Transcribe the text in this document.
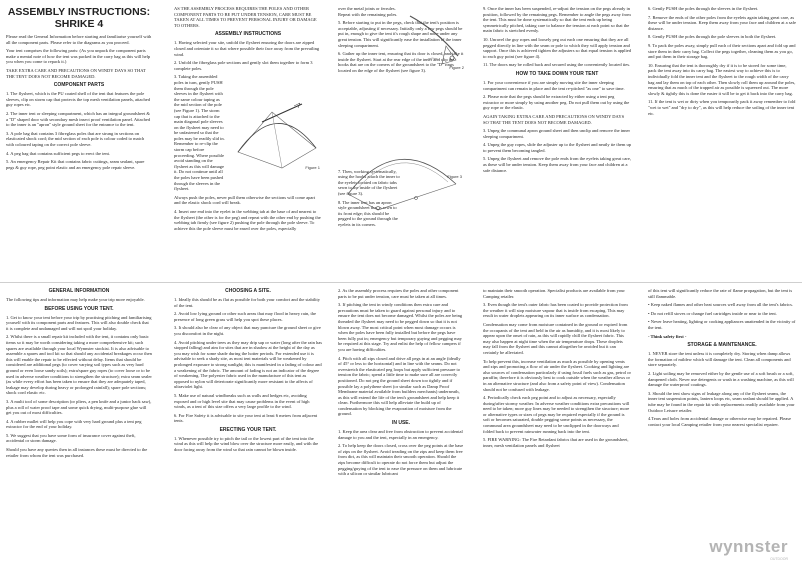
ASSEMBLY INSTRUCTIONS:
SHRIKE 4

Please read the General Information before starting and familiarise yourself with all the component parts. Please refer to the diagrams as you proceed.

Your tent comprises the following parts: (As you unpack the component parts make a mental note of how the tent was packed in the carry bag as this will help you when you come to repack it.)

TAKE EXTRA CARE AND PRECAUTIONS ON WINDY DAYS SO THAT THE TENT DOES NOT BECOME DAMAGED.

COMPONENT PARTS

1. The flysheet, which is the PU coated shell of the tent that features the pole sleeves, clip on storm cap that protects the top mesh ventilation panels, attached guy ropes etc.

2. The inner tent or sleeping compartment, which has an integral groundsheet & a "D" shaped door with secondary mesh insect proof ventilation panel. Attached to the inner is an "apron" style ground sheet for the entrance to the tent.

3. A pole bag that contains 3 fibreglass poles that are strung in sections on elasticated shock cord; the mid section of each pole is colour coded to match with coloured taping on the correct pole sleeve.

4. A peg bag that contains sufficient pegs to erect the tent.

5. An emergency Repair Kit that contains fabric cuttings, seam sealant, spare pegs & guy rope, peg point elastic and an emergency pole repair sleeve.

AS THE ASSEMBLY PROCESS REQUIRES THE POLES AND OTHER COMPONENT PARTS TO BE PUT UNDER TENSION, CARE MUST BE TAKEN AT ALL TIMES TO PREVENT PERSONAL INJURY OR DAMAGE TO OTHERS.

ASSEMBLY INSTRUCTIONS

1. Having selected your site, unfold the flysheet ensuring the doors are zipped closed and orientate it so that where possible their face away from the prevailing wind.

2. Unfold the fibreglass pole sections and gently slot them together to form 3 complete poles.

3. Taking the assembled poles in turn, gently PUSH them through the pole sleeves in the flysheet with the same colour taping as the mid section of the pole (see Figure 1). The storm cap that is attached to the main diagonal pole sleeves on the flysheet may need to be unfastened so that the poles may be readily slid in. Remember to re-clip the storm cap before proceeding. Where possible avoid standing on the flysheet as this will damage it. Do not continue until all the poles have been pushed through the sleeves in the flysheet.

Always push the poles, never pull them otherwise the sections will come apart and the elastic shock cord will break.

4. Insert one end into the eyelet in the webbing tab at the base of and nearest to the flysheet (the other is for the peg) and repeat with the other end by pushing the webbing tab firmly (see figure 2) pushing the pole through the pole sleeve. To achieve this the pole sleeve must be eased over the poles, especially

Figure 1

over the metal joints or ferrules. Repeat with the remaining poles.

5. Before starting to put in the pegs, check that the tent's position is acceptable, adjusting if necessary. Initially only a few pegs should be put in, enough to give the tent it's rough shape and none under any great tension. This will significantly ease the installation of the inner sleeping compartment.

6. Gather up the inner tent, ensuring that its door is closed, and take it inside the flysheet. Start at the rear edge of the inner and clip the hooks that are on the corners of the groundsheet to the "D" rings located on the edge of the flysheet (see figure 3).

7. Then, working systematically, using the hooks attach the inner to the eyelets located on fabric tabs sewn to the inside of the flysheet (see figure 3).

8. The inner tent has an apron style groundsheet that is sewn to its front edge; this should be pegged to the ground through the eyelets in its corners.

Figure 2
Figure 3

9. Once the inner has been suspended, re-adjust the tension on the pegs already in position, followed by the remaining pegs. Remember to angle the pegs away from the tent. This must be done systematically so that the tent ends up being symmetrically pitched, taking care to balance the tension at each point so that the main fabric is stretched evenly.

10. Unravel the guy ropes and loosely peg out each one ensuring that they are all pegged directly in line with the seam or pole to which they will apply tension and support. Once this is achieved tighten the adjusters so that equal tension is applied to each guy point (see figure 4).

11. The doors may be rolled back and secured using the conveniently located ties.

HOW TO TAKE DOWN YOUR TENT

1. For your convenience if you are simply moving site the inner sleeping compartment can remain in place and the tent re-pitched "as one" to save time.

2. Please note that the pegs should be extracted by either using a tent peg extractor or more simply by using another peg. Do not pull them out by using the guy rope or the elastic.

AGAIN TAKING EXTRA CARE AND PRECAUTIONS ON WINDY DAYS SO THAT THE TENT DOES NOT BECOME DAMAGED.

3. Unpeg the communal apron ground sheet and then unclip and remove the inner sleeping compartment.

4. Unpeg the guy ropes, slide the adjuster up to the flysheet and neatly tie them up to prevent them becoming tangled.

5. Unpeg the flysheet and remove the pole ends from the eyelets taking great care, as these will be under tension. Keep them away from your face and children at a safe distance.

6. Gently PUSH the poles through the sleeves in the flysheet.

7. Remove the ends of the other poles from the eyelets again taking great care, as these will be under tension. Keep them away from your face and children at a safe distance.

8. Gently PUSH the poles through the pole sleeves in both the flysheet.

9. To pack the poles away, simply pull each of their sections apart and fold up and store them in their carry bag. Collect the pegs together, cleaning them as you go, and put them in their storage bag.

10. Ensuring that the tent is thoroughly dry if it is to be stored for some time, pack the tent away into its carry bag. The easiest way to achieve this is to individually fold the inner tent and the flysheet to the rough width of the carry bag and lay them on top of each other. Then slowly roll them up around the poles, ensuring that as much of the trapped air as possible is squeezed out. The more slowly & tightly this is done the easier it will be to get it back into the carry bag.

11. If the tent is wet or dirty when you temporarily pack it away remember to fold "wet to wet" and "dry to dry", as this will help reduce the soiling of the inner tent etc.

GENERAL INFORMATION

The following tips and information may help make your trip more enjoyable.

BEFORE USING YOUR TENT.

1. Get to know your tent before your trip by practising pitching and familiarising yourself with its component parts and features. This will also double check that it is complete and undamaged and will not spoil your holiday.

2. Whilst there is a small repair kit included with the tent, it contains only basic items so it may be worth considering taking a more comprehensive kit; such spares are available through your local Wynnster stockist. It is also advisable to assemble a spares and tool kit so that should any accidental breakages occur then this will enable the repair to be effected without delay. Items that should be considered are additional pegs (to cover varying soil types such as very hard ground or even loose sandy soils); extra/spare guy ropes (to cover loose or to be used in adverse weather conditions to strengthen the structure); extra seam sealer (as while every effort has been taken to ensure that they are adequately taped, leakage may develop during heavy or prolonged rainfall); spare pole sections; shock cord elastic etc.

3. A multi tool of some description (or pliers, a pen knife and a junior hack saw), plus a roll of water proof tape and some quick drying, multi-purpose glue will get you out of most difficulties.

4. A rubber mallet will help you cope with very hard ground plus a tent peg extractor for the end of your holiday.

5. We suggest that you have some form of insurance cover against theft, accidental or storm damage.

Should you have any queries then in all instances these must be directed to the retailer from whom the tent was purchased.

CHOOSING A SITE.

1. Ideally this should be as flat as possible for both your comfort and the stability of the tent.

2. Avoid low lying ground or other such areas that may flood in heavy rain, the presence of long green grass will help you spot these places.

3. It should also be clear of any object that may puncture the ground sheet or give you discomfort in the night.

4. Avoid pitching under trees as they may drip sap or water (long after the rain has stopped falling) and aim for sites that are in shadow at the height of the day as you may wish for some shade during the hotter periods. For extended use it is advisable to seek a shady site, as most tent materials will be weakened by prolonged exposure to strong sunlight; this is manifested in a fading of colour and a weakening of the fabric. The amount of fading is not an indicator of the degree of weakening. The polyester fabric used in the manufacture of this tent as opposed to nylon will deteriorate significantly more resistant to the affects of ultraviolet light.

5. Make use of natural windbreaks such as walls and hedges etc, avoiding exposed and or high level site that may cause problems in the event of high winds, as a tent of this size offers a very large profile to the wind.

6. For Fire Safety it is advisable to site your tent at least 6 metres from adjacent tents.

ERECTING YOUR TENT.

1. Whenever possible try to pitch the tail or the lowest part of the tent into the wind as this will help the wind blow over the structure more easily, and with the door facing away from the wind so that rain cannot be blown inside.

2. As the assembly process requires the poles and other component parts to be put under tension, care must be taken at all times.

3. If pitching the tent in windy conditions then extra care and precautions must be taken to guard against personal injury and to ensure the tent does not become damaged. Whilst the poles are being threaded the flysheet may need to be pegged down so that it is not blown away. The most critical point when most damage occurs is when the poles have been fully installed but before the pegs have been fully put in; emergency but temporary guying and pegging may be required at this stage. Try and enlist the help of fellow campers if you are having difficulties.

4. Pitch with all zips closed and drive all pegs in at an angle (ideally of 45° or less to the horizontal) and in line with the seams. Do not overstretch the elasticated peg loops but apply sufficient pressure to tension the fabric; spend a little time to make sure all are correctly positioned. Do not peg the ground sheet down too tightly and if possible lay a polythene sheet (or similar such as Damp Proof Membrane material available from builders merchants) underneath, as this will extend the life of the tent's groundsheet and help keep it clean. Furthermore this will help alleviate the build up of condensation by blocking the evaporation of moisture from the ground.

IN USE.

1. Keep the area clear and free from obstruction to prevent accidental damage to you and the tent, especially in an emergency.

2. To help keep the doors closed, cross over the peg points at the base of zips on the flysheet. Avoid treading on the zips and keep them free from dirt, as this will maintain their smooth operation. Should the zips become difficult to operate do not force them but adjust the pegging/guying of the tent to ease the pressure on them and lubricate with a silicon or similar lubricant

to maintain their smooth operation. Specialist products are available from your Camping retailer.

3. Even though the tent's outer fabric has been coated to provide protection from the weather it will stop moisture vapour that is inside from escaping. This may result in water droplets appearing on its inner surface as condensation.

Condensation may come from moisture contained in the ground or expired from the occupants of the tent and held in the air as humidity, and it is most likely to appear upon the onset of rain, as this will rapidly chill the flysheet fabric. This may also happen at night time when the air temperature drops. These droplets may fall from the flysheet and this cannot altogether be avoided but it can certainly be alleviated.

To help prevent this, increase ventilation as much as possible by opening vents and zips and promoting a flow of air under the flysheet. Cooking and lighting are also sources of condensation particularly if using fossil fuels such as gas, petrol or paraffin; therefore it is obviously best to cook outside when the weather allows or in an alternative structure (and also from a safety point of view). Condensation should not be confused with leakage.

4. Periodically check each peg point and to adjust as necessary, especially during/after stormy weather. In adverse weather conditions extra precautions will need to be taken; more guy lines may be needed to strengthen the structure; more or alternative types or sizes of pegs may be required especially if the ground is soft or becomes saturated, double pegging some points as necessary, the communal area groundsheet may need to be unclipped in the doorways and folded back to prevent rainwater running back into the tent.

5. FIRE WARNING: The Fire Retardant fabrics that are used in the groundsheet, inner, mesh ventilation panels and flysheet

of this tent will significantly reduce the rate of flame propagation, but the tent is still flammable.

• Keep naked flames and other heat sources well away from all the tent's fabrics.

• Do not refill stoves or change fuel cartridges inside or near to the tent.

• Never leave heating, lighting or cooking appliances unattended in the vicinity of the tent.

- Think safety first -

STORAGE & MAINTENANCE.

1. NEVER store the tent unless it is completely dry. Storing when damp allows the formation of mildew which will damage the tent. Clean all components and store separately.

2. Light soiling may be removed either by the gentle use of a soft brush or a soft, dampened cloth. Never use detergents or wash in a washing machine, as this will damage the waterproof coatings.

3. Should the tent show signs of leakage along any of the flysheet seams, the inner tent suspension points, lantern loops etc, seam sealant should be applied. A tube may be found in the repair kit with replacements readily available from your Outdoor Leisure retailer.

4.Tears and holes from accidental damage or otherwise may be repaired. Please contact your local Camping retailer from your nearest specialist repairer.

wynnster
OUTDOOR
